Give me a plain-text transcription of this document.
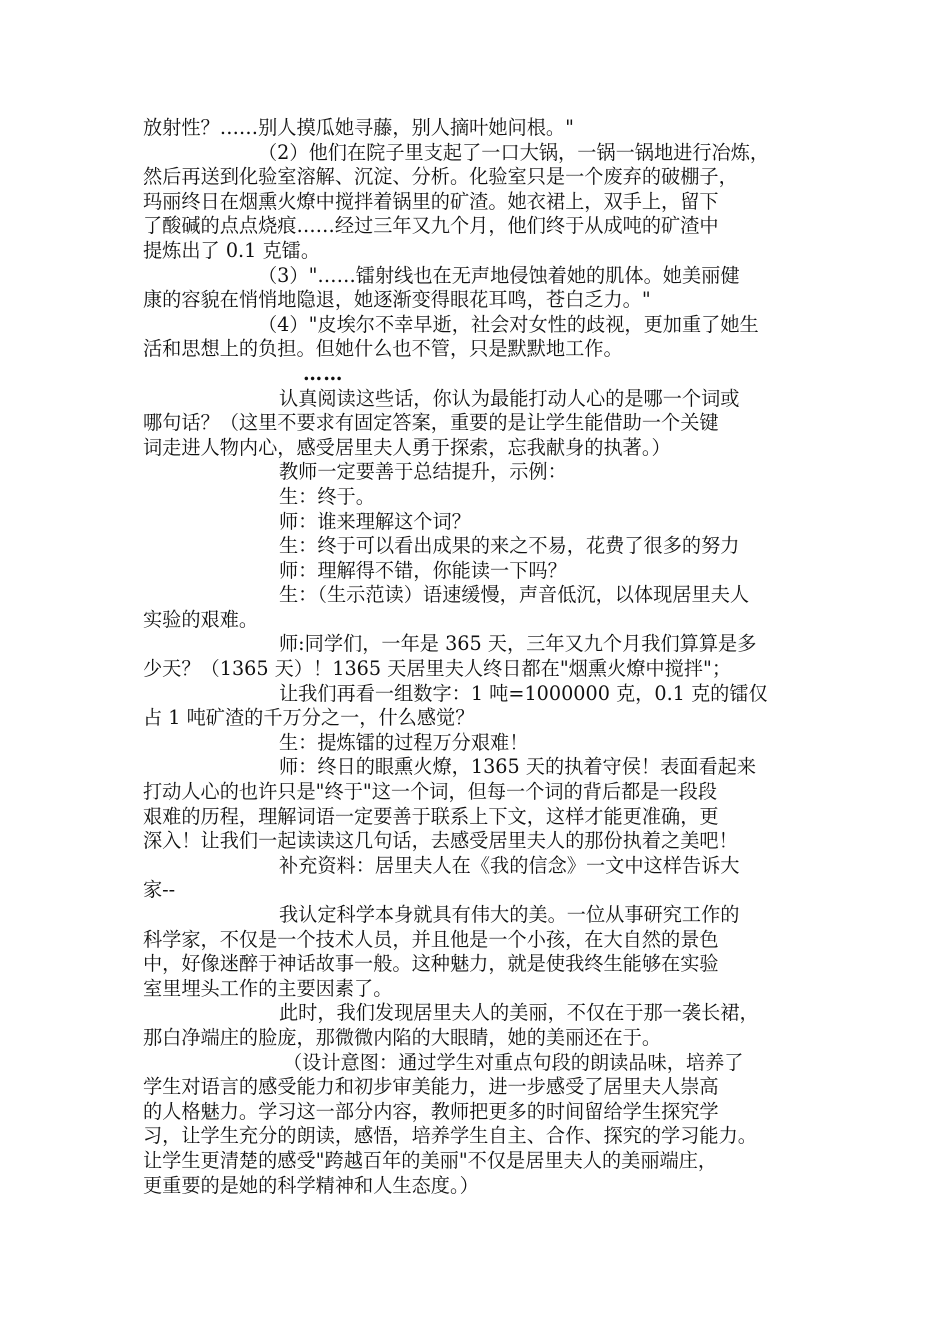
放射性？……别人摸瓜她寻藤，别人摘叶她问根。"
（2）他们在院子里支起了一口大锅，一锅一锅地进行冶炼，
然后再送到化验室溶解、沉淀、分析。化验室只是一个废弃的破棚子，
玛丽终日在烟熏火燎中搅拌着锅里的矿渣。她衣裙上，双手上，留下
了酸碱的点点烧痕……经过三年又九个月，他们终于从成吨的矿渣中
提炼出了 0.1 克镭。
（3）"……镭射线也在无声地侵蚀着她的肌体。她美丽健
康的容貌在悄悄地隐退，她逐渐变得眼花耳鸣，苍白乏力。"
（4）"皮埃尔不幸早逝，社会对女性的歧视，更加重了她生
活和思想上的负担。但她什么也不管，只是默默地工作。
……
认真阅读这些话，你认为最能打动人心的是哪一个词或
哪句话？（这里不要求有固定答案，重要的是让学生能借助一个关键
词走进人物内心，感受居里夫人勇于探索，忘我献身的执著。）
教师一定要善于总结提升，示例：
生：终于。
师：谁来理解这个词？
生：终于可以看出成果的来之不易，花费了很多的努力
师：理解得不错，你能读一下吗？
生：（生示范读）语速缓慢，声音低沉，以体现居里夫人
实验的艰难。
师:同学们，一年是 365 天，三年又九个月我们算算是多
少天？（1365 天）！1365 天居里夫人终日都在"烟熏火燎中搅拌"；
让我们再看一组数字：1 吨=1000000 克，0.1 克的镭仅
占 1 吨矿渣的千万分之一，什么感觉？
生：提炼镭的过程万分艰难！
师：终日的眼熏火燎，1365 天的执着守侯！表面看起来
打动人心的也许只是"终于"这一个词，但每一个词的背后都是一段段
艰难的历程，理解词语一定要善于联系上下文，这样才能更准确，更
深入！让我们一起读读这几句话，去感受居里夫人的那份执着之美吧！
补充资料：居里夫人在《我的信念》一文中这样告诉大
家--
我认定科学本身就具有伟大的美。一位从事研究工作的
科学家，不仅是一个技术人员，并且他是一个小孩，在大自然的景色
中，好像迷醉于神话故事一般。这种魅力，就是使我终生能够在实验
室里埋头工作的主要因素了。
此时，我们发现居里夫人的美丽，不仅在于那一袭长裙，
那白净端庄的脸庞，那微微内陷的大眼睛，她的美丽还在于。
（设计意图：通过学生对重点句段的朗读品味，培养了
学生对语言的感受能力和初步审美能力，进一步感受了居里夫人崇高
的人格魅力。学习这一部分内容，教师把更多的时间留给学生探究学
习，让学生充分的朗读，感悟，培养学生自主、合作、探究的学习能力。
让学生更清楚的感受"跨越百年的美丽"不仅是居里夫人的美丽端庄，
更重要的是她的科学精神和人生态度。）
